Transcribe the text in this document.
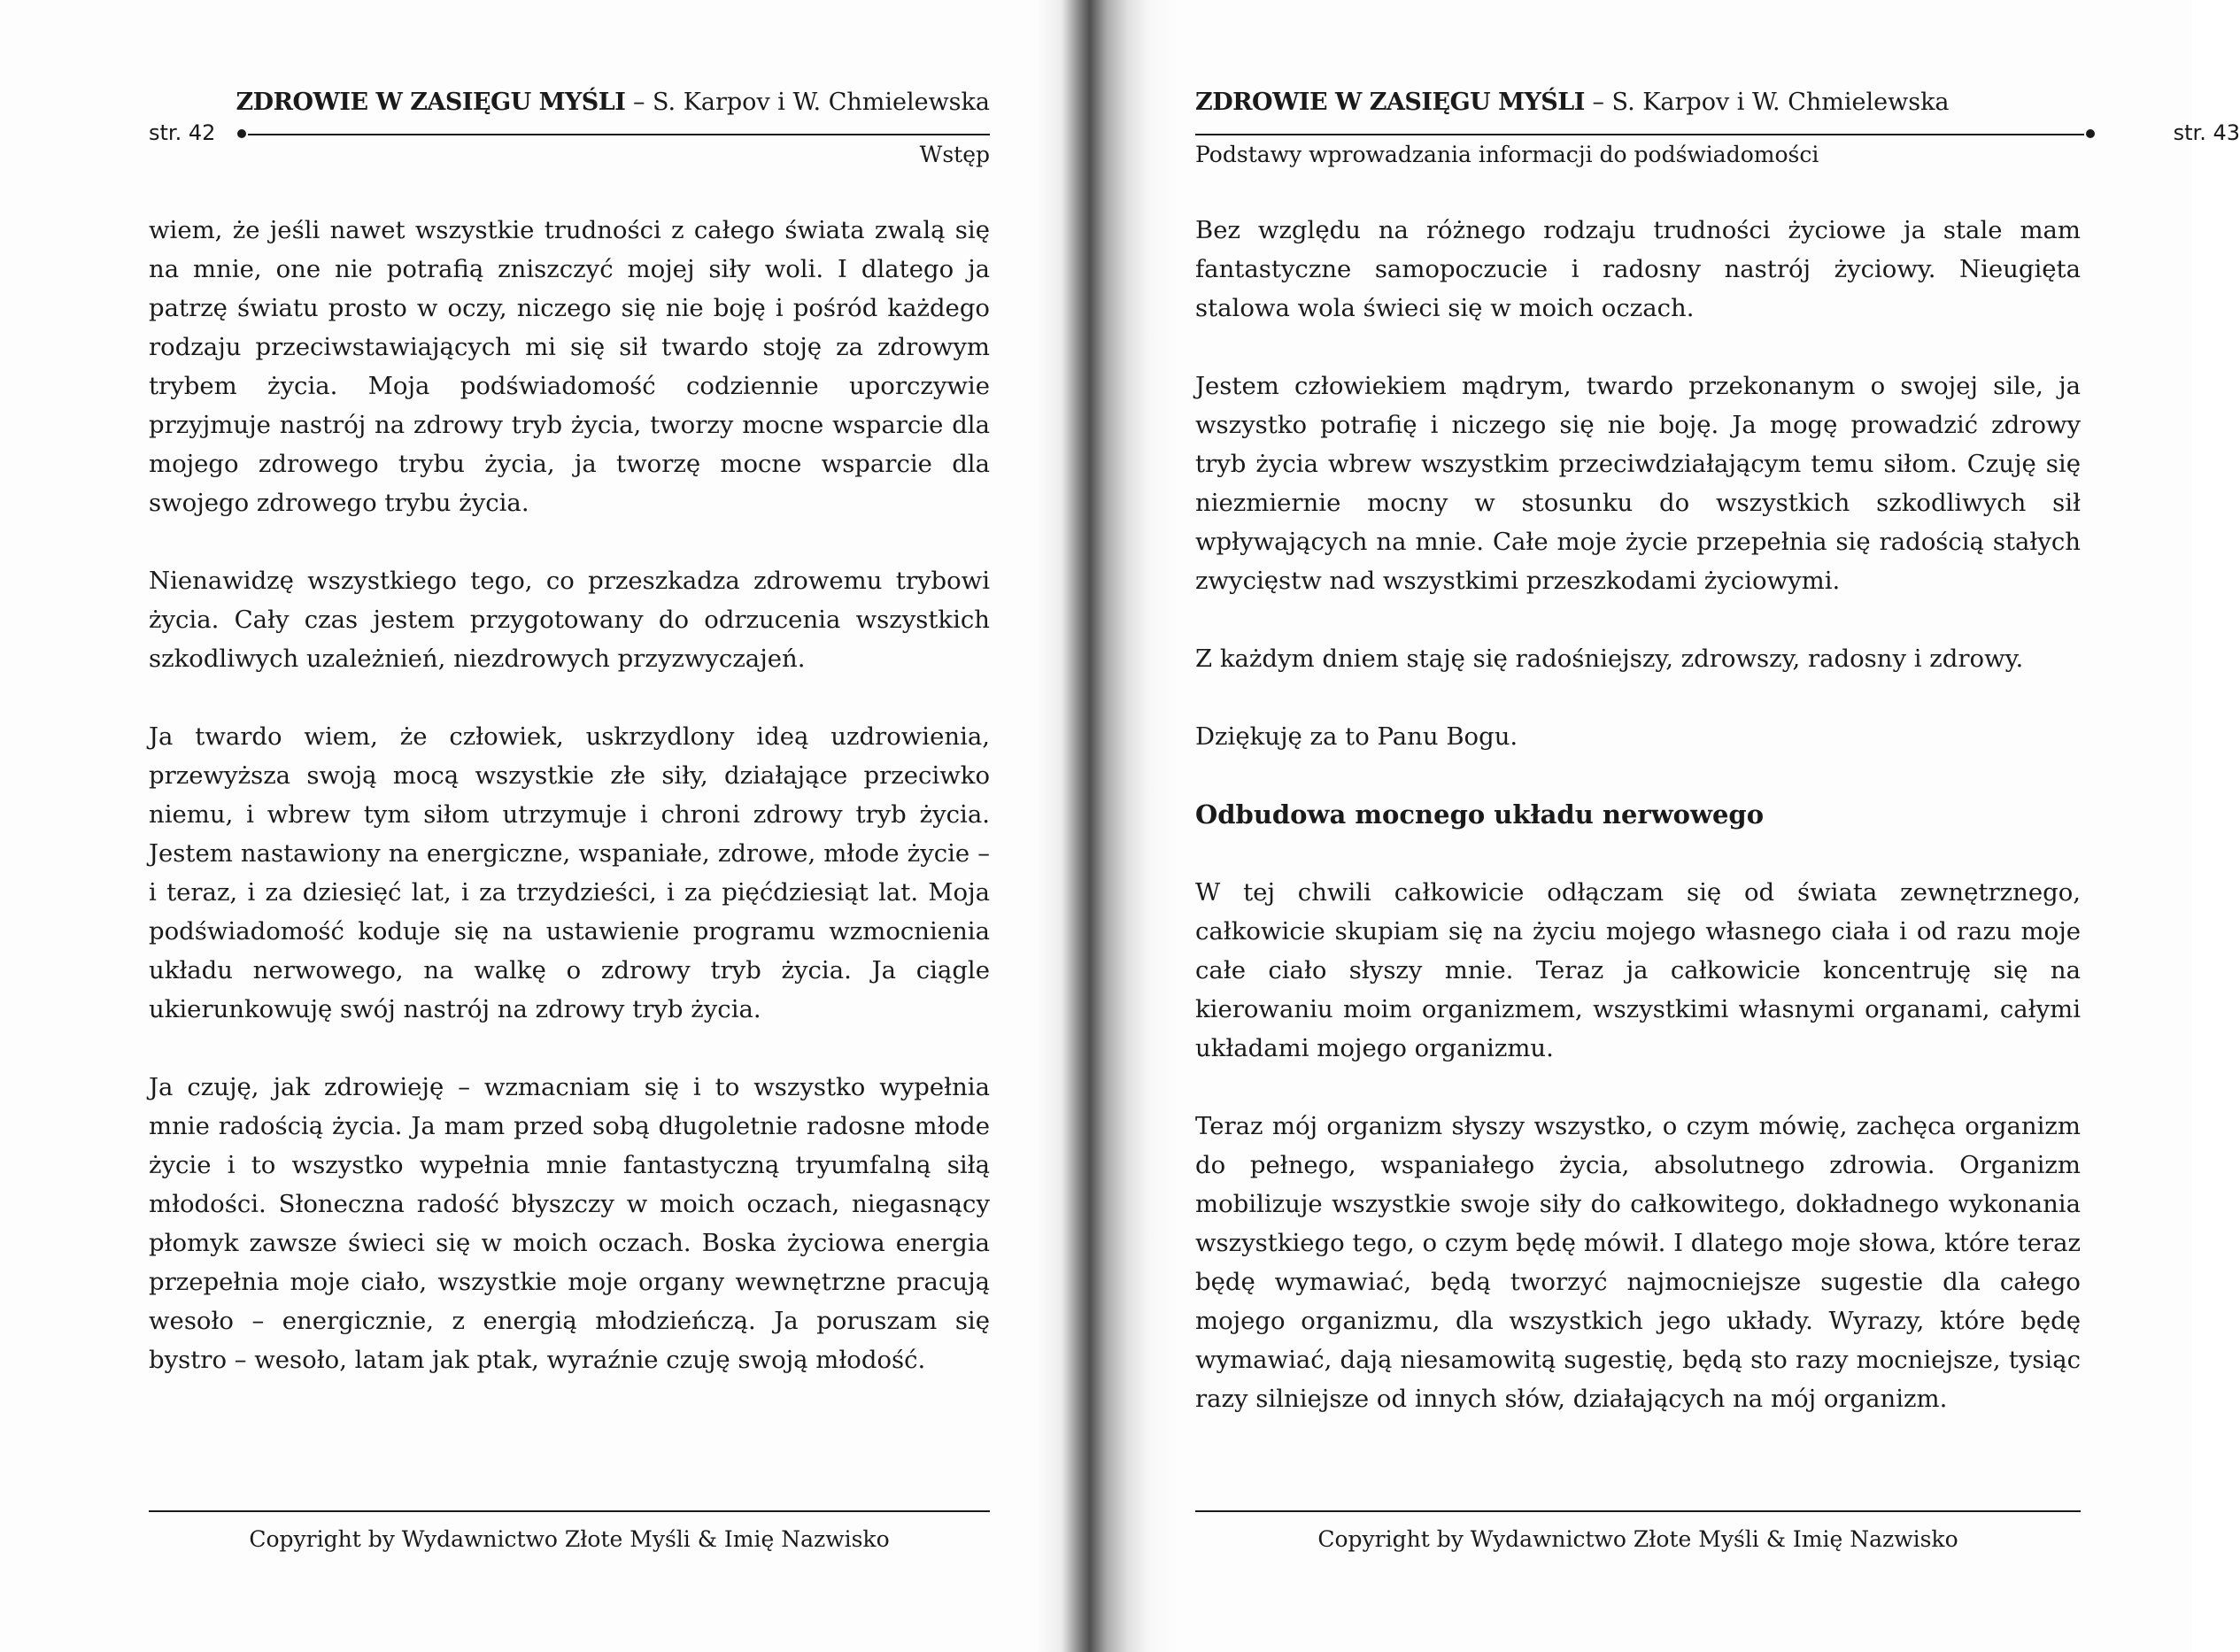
str. 42
ZDROWIE W ZASIĘGU MYŚLI – S. Karpov i W. Chmielewska
Wstęp

wiem, że jeśli nawet wszystkie trudności z całego świata zwalą się na mnie, one nie potrafią zniszczyć mojej siły woli. I dlatego ja patrzę światu prosto w oczy, niczego się nie boję i pośród każdego rodzaju przeciwstawiających mi się sił twardo stoję za zdrowym trybem życia. Moja podświadomość codziennie uporczywie przyjmuje nastrój na zdrowy tryb życia, tworzy mocne wsparcie dla mojego zdrowego trybu życia, ja tworzę mocne wsparcie dla swojego zdrowego trybu życia.

Nienawidzę wszystkiego tego, co przeszkadza zdrowemu trybowi życia. Cały czas jestem przygotowany do odrzucenia wszystkich szkodliwych uzależnień, niezdrowych przyzwyczajeń.

Ja twardo wiem, że człowiek, uskrzydlony ideą uzdrowienia, przewyższa swoją mocą wszystkie złe siły, działające przeciwko niemu, i wbrew tym siłom utrzymuje i chroni zdrowy tryb życia. Jestem nastawiony na energiczne, wspaniałe, zdrowe, młode życie – i teraz, i za dziesięć lat, i za trzydzieści, i za pięćdziesiąt lat. Moja podświadomość koduje się na ustawienie programu wzmocnienia układu nerwowego, na walkę o zdrowy tryb życia. Ja ciągle ukierunkowuję swój nastrój na zdrowy tryb życia.

Ja czuję, jak zdrowieję – wzmacniam się i to wszystko wypełnia mnie radością życia. Ja mam przed sobą długoletnie radosne młode życie i to wszystko wypełnia mnie fantastyczną tryumfalną siłą młodości. Słoneczna radość błyszczy w moich oczach, niegasnący płomyk zawsze świeci się w moich oczach. Boska życiowa energia przepełnia moje ciało, wszystkie moje organy wewnętrzne pracują wesoło – energicznie, z energią młodzieńczą. Ja poruszam się bystro – wesoło, latam jak ptak, wyraźnie czuję swoją młodość.

Copyright by Wydawnictwo Złote Myśli & Imię Nazwisko
str. 43
ZDROWIE W ZASIĘGU MYŚLI – S. Karpov i W. Chmielewska
Podstawy wprowadzania informacji do podświadomości

Bez względu na różnego rodzaju trudności życiowe ja stale mam fantastyczne samopoczucie i radosny nastrój życiowy. Nieugięta stalowa wola świeci się w moich oczach.

Jestem człowiekiem mądrym, twardo przekonanym o swojej sile, ja wszystko potrafię i niczego się nie boję. Ja mogę prowadzić zdrowy tryb życia wbrew wszystkim przeciwdziałającym temu siłom. Czuję się niezmiernie mocny w stosunku do wszystkich szkodliwych sił wpływających na mnie. Całe moje życie przepełnia się radością stałych zwycięstw nad wszystkimi przeszkodami życiowymi.

Z każdym dniem staję się radośniejszy, zdrowszy, radosny i zdrowy.

Dziękuję za to Panu Bogu.

Odbudowa mocnego układu nerwowego

W tej chwili całkowicie odłączam się od świata zewnętrznego, całkowicie skupiam się na życiu mojego własnego ciała i od razu moje całe ciało słyszy mnie. Teraz ja całkowicie koncentruję się na kierowaniu moim organizmem, wszystkimi własnymi organami, całymi układami mojego organizmu.

Teraz mój organizm słyszy wszystko, o czym mówię, zachęca organizm do pełnego, wspaniałego życia, absolutnego zdrowia. Organizm mobilizuje wszystkie swoje siły do całkowitego, dokładnego wykonania wszystkiego tego, o czym będę mówił. I dlatego moje słowa, które teraz będę wymawiać, będą tworzyć najmocniejsze sugestie dla całego mojego organizmu, dla wszystkich jego układy. Wyrazy, które będę wymawiać, dają niesamowitą sugestię, będą sto razy mocniejsze, tysiąc razy silniejsze od innych słów, działających na mój organizm.

Copyright by Wydawnictwo Złote Myśli & Imię Nazwisko
